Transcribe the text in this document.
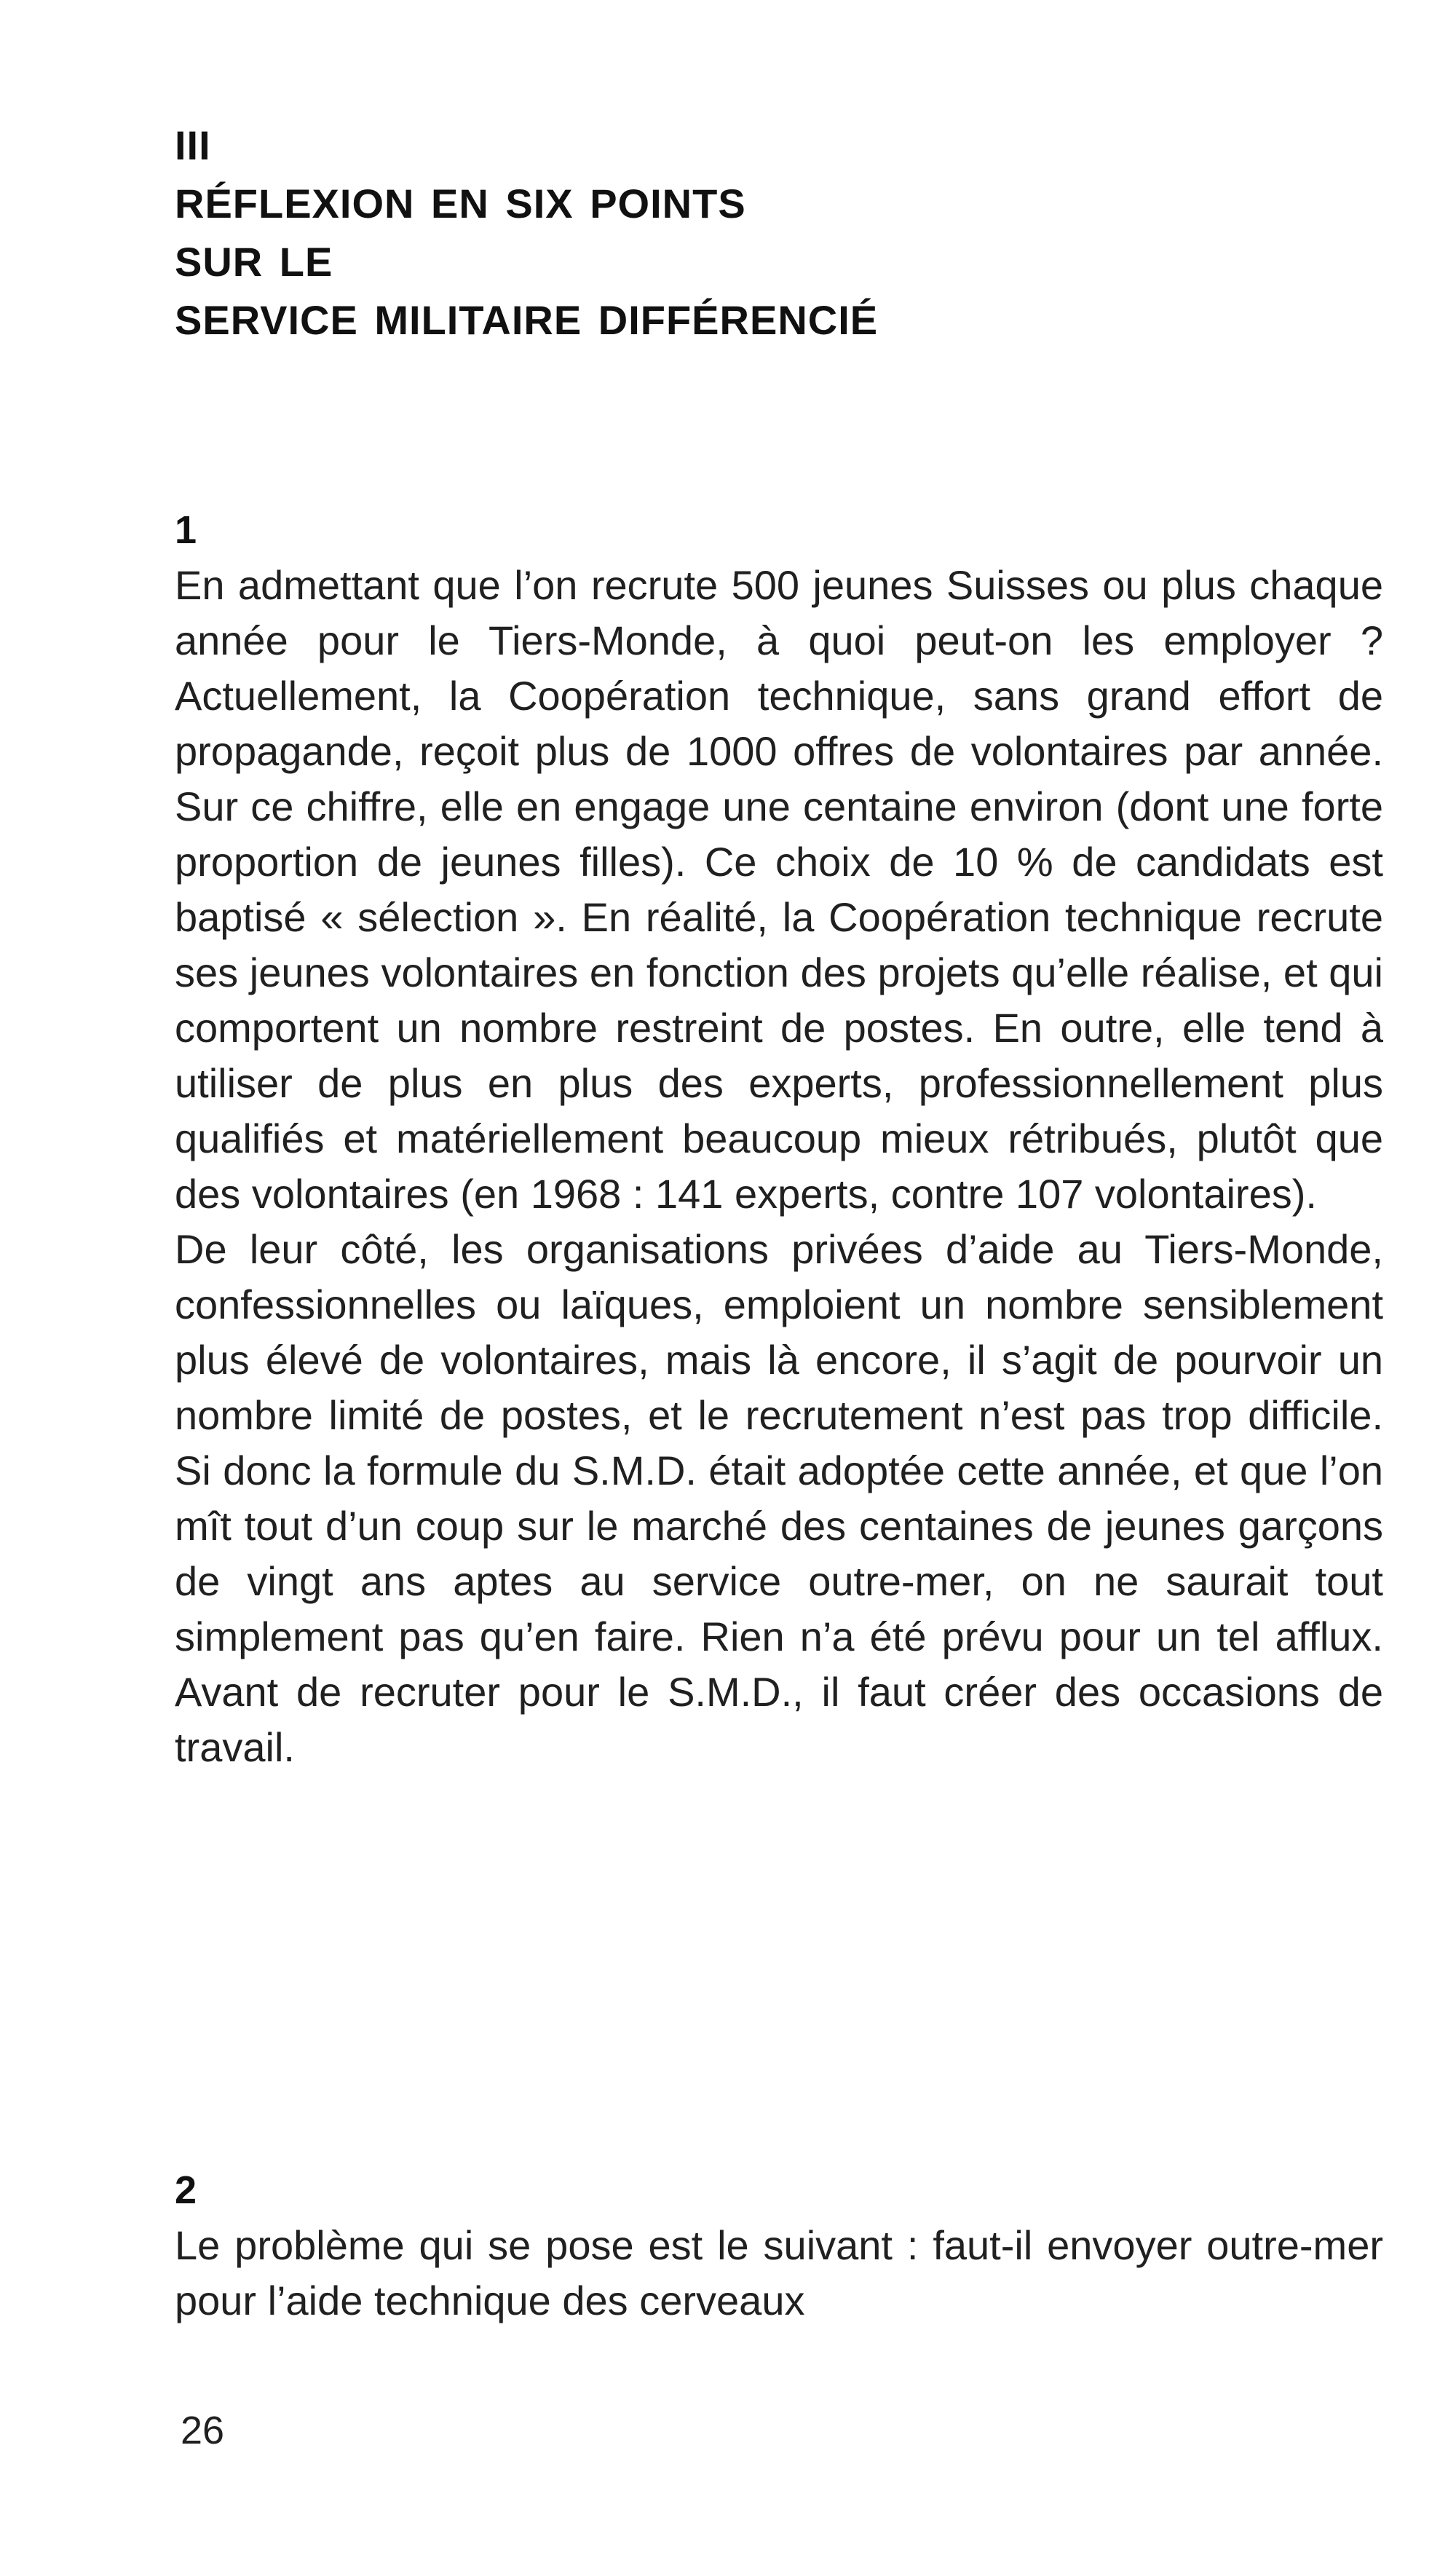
III
RÉFLEXION EN SIX POINTS
SUR LE
SERVICE MILITAIRE DIFFÉRENCIÉ
1

En admettant que l’on recrute 500 jeunes Suisses ou plus chaque année pour le Tiers-Monde, à quoi peut-on les employer ? Actuellement, la Coopération technique, sans grand effort de propagande, reçoit plus de 1000 offres de volontaires par année. Sur ce chiffre, elle en engage une centaine environ (dont une forte proportion de jeunes filles). Ce choix de 10 % de candidats est baptisé « sélection ». En réalité, la Coopération technique recrute ses jeunes volontaires en fonction des projets qu’elle réalise, et qui comportent un nombre restreint de postes. En outre, elle tend à utiliser de plus en plus des experts, professionnellement plus qualifiés et matériellement beaucoup mieux rétribués, plutôt que des volontaires (en 1968 : 141 experts, contre 107 volontaires).

De leur côté, les organisations privées d’aide au Tiers-Monde, confessionnelles ou laïques, emploient un nombre sensiblement plus élevé de volontaires, mais là encore, il s’agit de pourvoir un nombre limité de postes, et le recrutement n’est pas trop difficile. Si donc la formule du S.M.D. était adoptée cette année, et que l’on mît tout d’un coup sur le marché des centaines de jeunes garçons de vingt ans aptes au service outre-mer, on ne saurait tout simplement pas qu’en faire. Rien n’a été prévu pour un tel afflux. Avant de recruter pour le S.M.D., il faut créer des occasions de travail.

2

Le problème qui se pose est le suivant : faut-il envoyer outre-mer pour l’aide technique des cerveaux

26
